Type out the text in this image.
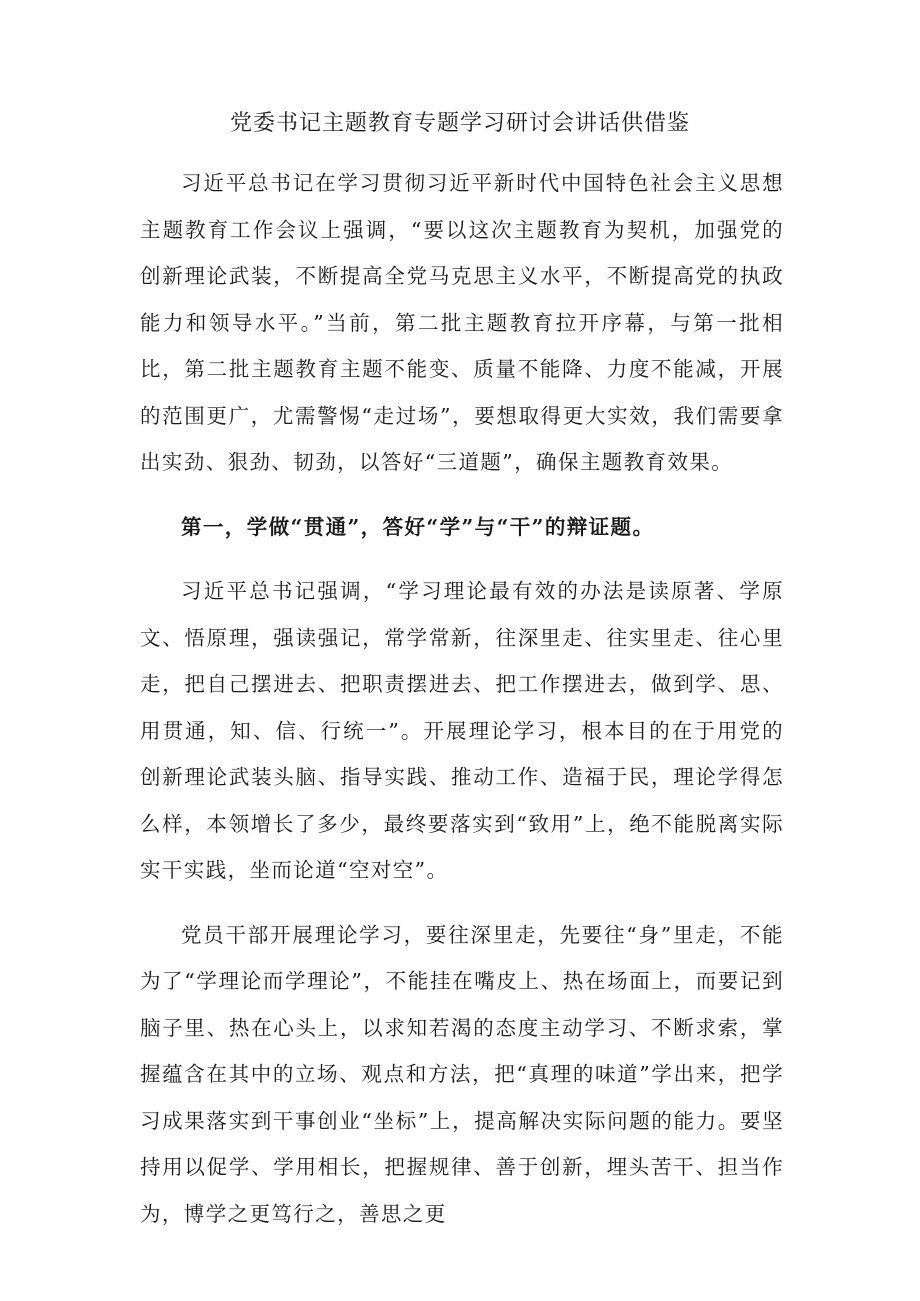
党委书记主题教育专题学习研讨会讲话供借鉴

习近平总书记在学习贯彻习近平新时代中国特色社会主义思想主题教育工作会议上强调，“要以这次主题教育为契机，加强党的创新理论武装，不断提高全党马克思主义水平，不断提高党的执政能力和领导水平。”当前，第二批主题教育拉开序幕，与第一批相比，第二批主题教育主题不能变、质量不能降、力度不能减，开展的范围更广，尤需警惕“走过场”，要想取得更大实效，我们需要拿出实劲、狠劲、韧劲，以答好“三道题”，确保主题教育效果。

第一，学做“贯通”，答好“学”与“干”的辩证题。

习近平总书记强调，“学习理论最有效的办法是读原著、学原文、悟原理，强读强记，常学常新，往深里走、往实里走、往心里走，把自己摆进去、把职责摆进去、把工作摆进去，做到学、思、用贯通，知、信、行统一”。开展理论学习，根本目的在于用党的创新理论武装头脑、指导实践、推动工作、造福于民，理论学得怎么样，本领增长了多少，最终要落实到“致用”上，绝不能脱离实际实干实践，坐而论道“空对空”。

党员干部开展理论学习，要往深里走，先要往“身”里走，不能为了“学理论而学理论”，不能挂在嘴皮上、热在场面上，而要记到脑子里、热在心头上，以求知若渴的态度主动学习、不断求索，掌握蕴含在其中的立场、观点和方法，把“真理的味道”学出来，把学习成果落实到干事创业“坐标”上，提高解决实际问题的能力。要坚持用以促学、学用相长，把握规律、善于创新，埋头苦干、担当作为，博学之更笃行之，善思之更
